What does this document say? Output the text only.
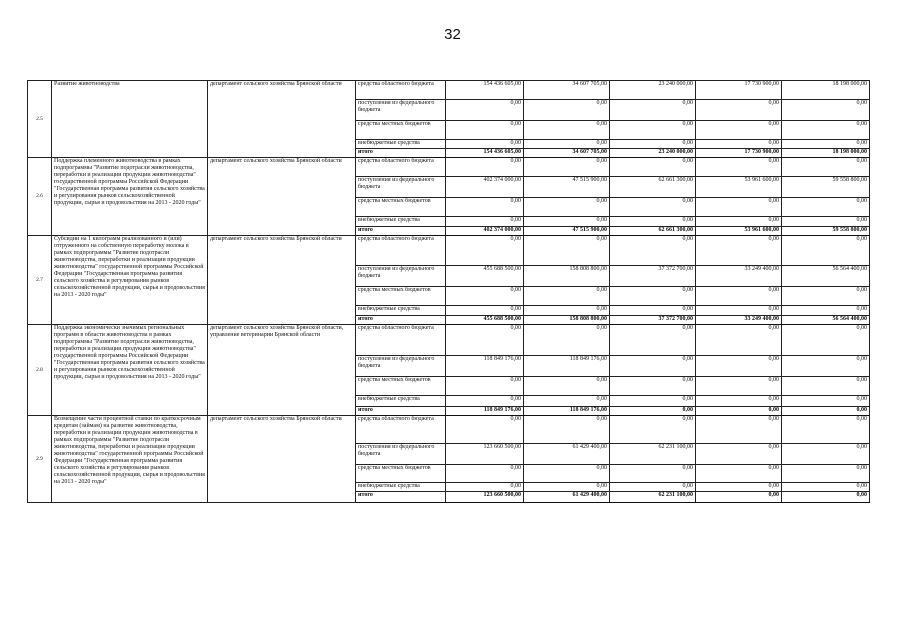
32
2.5	Развитие животноводства	департамент сельского хозяйства Брянской области	средства областного бюджета	154 436 605,00	34 607 705,00	23 240 000,00	17 730 900,00	18 198 000,00	
			поступления из федерального бюджета	0,00	0,00	0,00	0,00	0,00	
			средства местных бюджетов	0,00	0,00	0,00	0,00	0,00	
			внебюджетные средства	0,00	0,00	0,00	0,00	0,00	
			итого	154 436 605,00	34 607 705,00	23 240 000,00	17 730 900,00	18 198 000,00	
2.6	Поддержка племенного животноводства в рамках подпрограммы "Развитие подотрасли животноводства, переработки и реализации продукции животноводства" государственной программы Российской Федерации "Государственная программа развития сельского хозяйства и регулирования рынков сельскохозяйственной продукции, сырья и продовольствия на 2013 - 2020 годы"	департамент сельского хозяйства Брянской области	средства областного бюджета	0,00	0,00	0,00	0,00	0,00	
			поступления из федерального бюджета	402 374 000,00	47 515 900,00	62 661 300,00	53 961 600,00	59 558 800,00	
			средства местных бюджетов	0,00	0,00	0,00	0,00	0,00	
			внебюджетные средства	0,00	0,00	0,00	0,00	0,00	
			итого	402 374 000,00	47 515 900,00	62 661 300,00	53 961 600,00	59 558 800,00	
2.7	Субсидии на 1 килограмм реализованного и (или) отгруженного на собственную переработку молока в рамках подпрограммы "Развитие подотрасли животноводства, переработки и реализации продукции животноводства" государственной программы Российской Федерации "Государственная программа развития сельского хозяйства и регулирования рынков сельскохозяйственной продукции, сырья и продовольствия на 2013 - 2020 годы"	департамент сельского хозяйства Брянской области	средства областного бюджета	0,00	0,00	0,00	0,00	0,00	
			поступления из федерального бюджета	455 688 500,00	158 808 800,00	37 372 700,00	33 249 400,00	56 564 400,00	
			средства местных бюджетов	0,00	0,00	0,00	0,00	0,00	
			внебюджетные средства	0,00	0,00	0,00	0,00	0,00	
			итого	455 688 500,00	158 808 800,00	37 372 700,00	33 249 400,00	56 564 400,00	
2.8	Поддержка экономически значимых региональных программ в области животноводства в рамках подпрограммы "Развитие подотрасли животноводства, переработки и реализации продукции животноводства" государственной программы Российской Федерации "Государственная программа развития сельского хозяйства и регулирования рынков сельскохозяйственной продукции, сырья и продовольствия на 2013 - 2020 годы"	департамент сельского хозяйства Брянской области, управление ветеринарии Брянской области	средства областного бюджета	0,00	0,00	0,00	0,00	0,00	
			поступления из федерального бюджета	118 849 176,00	118 849 176,00	0,00	0,00	0,00	
			средства местных бюджетов	0,00	0,00	0,00	0,00	0,00	
			внебюджетные средства	0,00	0,00	0,00	0,00	0,00	
			итого	118 849 176,00	118 849 176,00	0,00	0,00	0,00	
2.9	Возмещение части процентной ставки по краткосрочным кредитам (займам) на развитие животноводства, переработки и реализации продукции животноводства в рамках подпрограммы "Развитие подотрасли животноводства, переработки и реализации продукции животноводства" государственной программы Российской Федерации "Государственная программа развития сельского хозяйства и регулирования рынков сельскохозяйственной продукции, сырья и продовольствия на 2013 - 2020 годы"	департамент сельского хозяйства Брянской области	средства областного бюджета	0,00	0,00	0,00	0,00	0,00	
			поступления из федерального бюджета	123 660 500,00	61 429 400,00	62 231 100,00	0,00	0,00	
			средства местных бюджетов	0,00	0,00	0,00	0,00	0,00	
			внебюджетные средства	0,00	0,00	0,00	0,00	0,00	
			итого	123 660 500,00	61 429 400,00	62 231 100,00	0,00	0,00	
